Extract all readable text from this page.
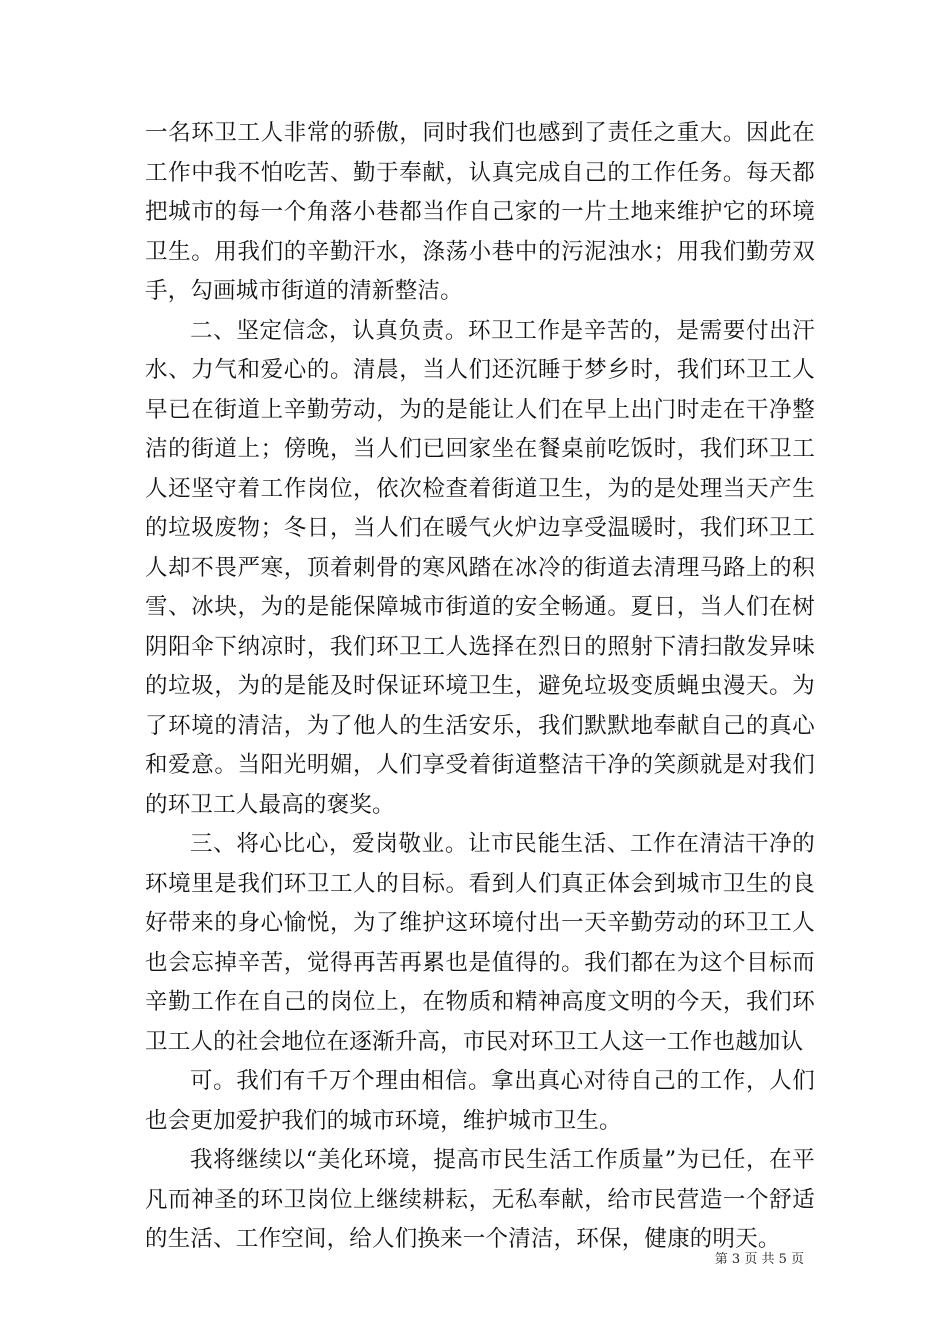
一名环卫工人非常的骄傲，同时我们也感到了责任之重大。因此在工作中我不怕吃苦、勤于奉献，认真完成自己的工作任务。每天都把城市的每一个角落小巷都当作自己家的一片土地来维护它的环境卫生。用我们的辛勤汗水，涤荡小巷中的污泥浊水；用我们勤劳双手，勾画城市街道的清新整洁。

二、坚定信念，认真负责。环卫工作是辛苦的，是需要付出汗水、力气和爱心的。清晨，当人们还沉睡于梦乡时，我们环卫工人早已在街道上辛勤劳动，为的是能让人们在早上出门时走在干净整洁的街道上；傍晚，当人们已回家坐在餐桌前吃饭时，我们环卫工人还坚守着工作岗位，依次检查着街道卫生，为的是处理当天产生的垃圾废物；冬日，当人们在暖气火炉边享受温暖时，我们环卫工人却不畏严寒，顶着刺骨的寒风踏在冰冷的街道去清理马路上的积雪、冰块，为的是能保障城市街道的安全畅通。夏日，当人们在树阴阳伞下纳凉时，我们环卫工人选择在烈日的照射下清扫散发异味的垃圾，为的是能及时保证环境卫生，避免垃圾变质蝇虫漫天。为了环境的清洁，为了他人的生活安乐，我们默默地奉献自己的真心和爱意。当阳光明媚，人们享受着街道整洁干净的笑颜就是对我们的环卫工人最高的褒奖。

三、将心比心，爱岗敬业。让市民能生活、工作在清洁干净的环境里是我们环卫工人的目标。看到人们真正体会到城市卫生的良好带来的身心愉悦，为了维护这环境付出一天辛勤劳动的环卫工人也会忘掉辛苦，觉得再苦再累也是值得的。我们都在为这个目标而辛勤工作在自己的岗位上，在物质和精神高度文明的今天，我们环卫工人的社会地位在逐渐升高，市民对环卫工人这一工作也越加认

可。我们有千万个理由相信。拿出真心对待自己的工作，人们也会更加爱护我们的城市环境，维护城市卫生。

我将继续以“美化环境，提高市民生活工作质量”为已任，在平凡而神圣的环卫岗位上继续耕耘，无私奉献，给市民营造一个舒适的生活、工作空间，给人们换来一个清洁，环保，健康的明天。

第 3 页 共 5 页
